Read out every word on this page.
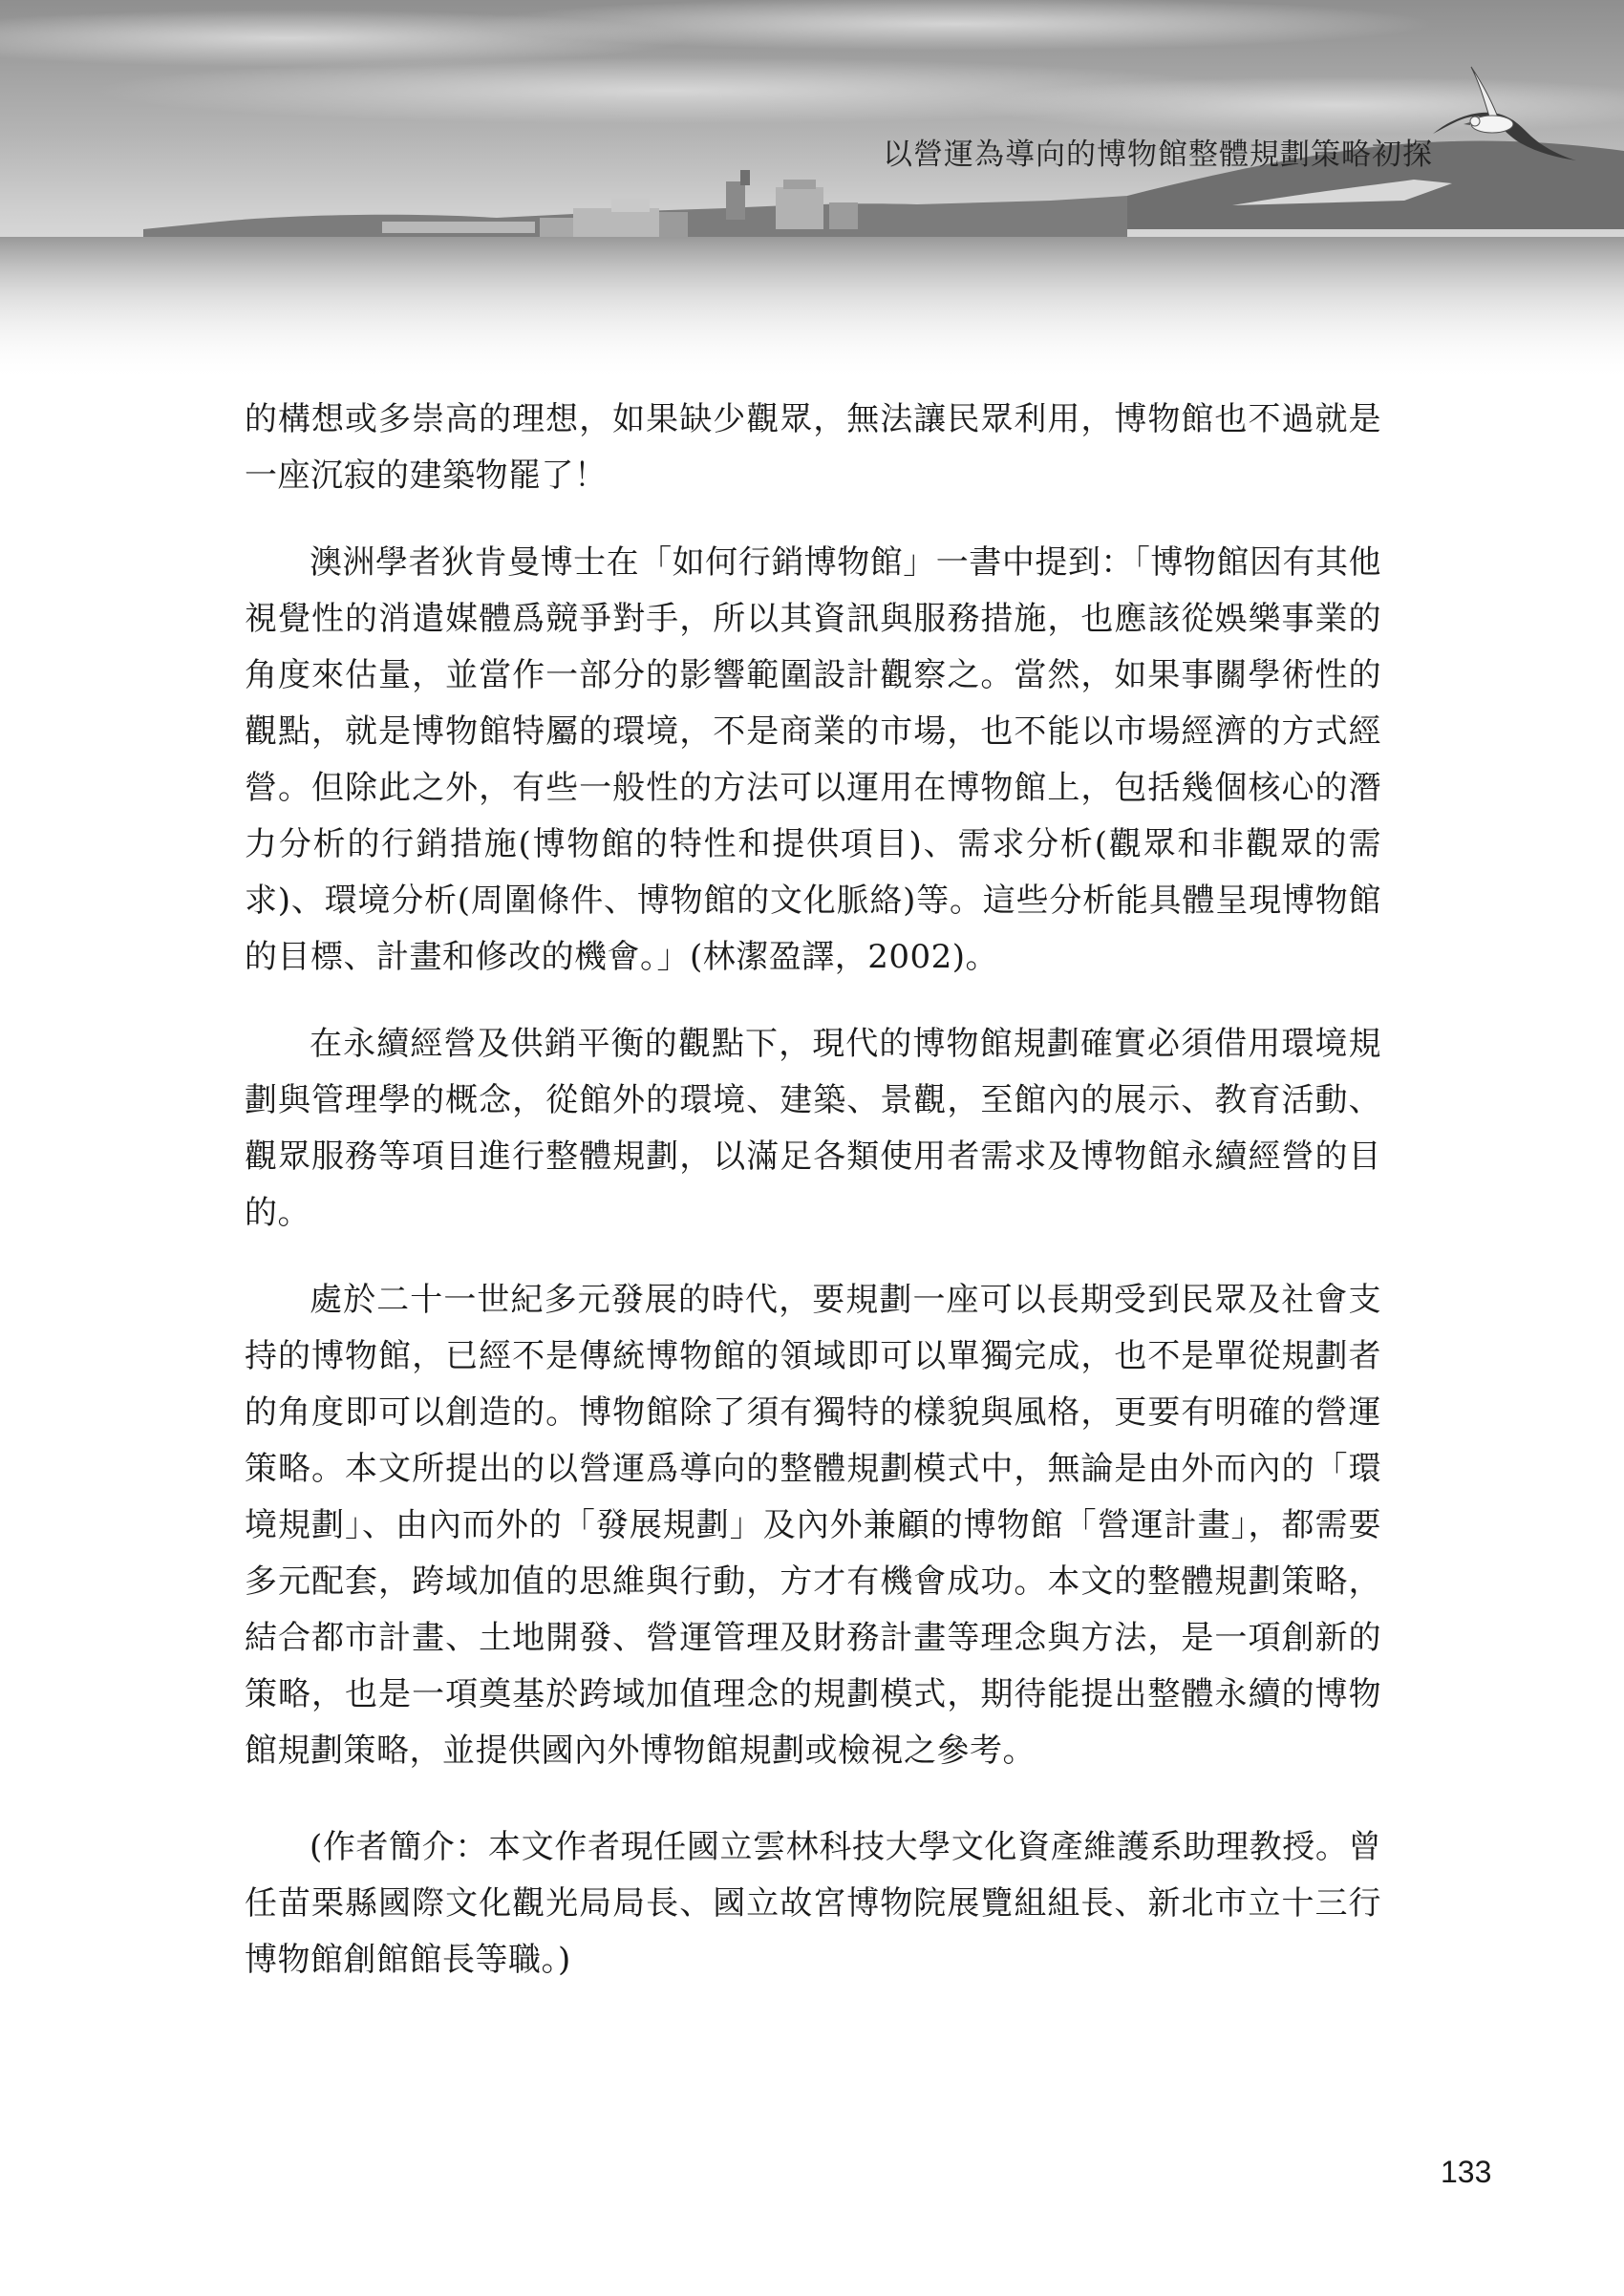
以營運為導向的博物館整體規劃策略初探

的構想或多崇高的理想，如果缺少觀眾，無法讓民眾利用，博物館也不過就是一座沉寂的建築物罷了！

澳洲學者狄肯曼博士在「如何行銷博物館」一書中提到：「博物館因有其他視覺性的消遣媒體爲競爭對手，所以其資訊與服務措施，也應該從娛樂事業的角度來估量，並當作一部分的影響範圍設計觀察之。當然，如果事關學術性的觀點，就是博物館特屬的環境，不是商業的市場，也不能以市場經濟的方式經營。但除此之外，有些一般性的方法可以運用在博物館上，包括幾個核心的潛力分析的行銷措施(博物館的特性和提供項目)、需求分析(觀眾和非觀眾的需求)、環境分析(周圍條件、博物館的文化脈絡)等。這些分析能具體呈現博物館的目標、計畫和修改的機會。」(林潔盈譯，2002)。

在永續經營及供銷平衡的觀點下，現代的博物館規劃確實必須借用環境規劃與管理學的概念，從館外的環境、建築、景觀，至館內的展示、教育活動、觀眾服務等項目進行整體規劃，以滿足各類使用者需求及博物館永續經營的目的。

處於二十一世紀多元發展的時代，要規劃一座可以長期受到民眾及社會支持的博物館，已經不是傳統博物館的領域即可以單獨完成，也不是單從規劃者的角度即可以創造的。博物館除了須有獨特的樣貌與風格，更要有明確的營運策略。本文所提出的以營運爲導向的整體規劃模式中，無論是由外而內的「環境規劃」、由內而外的「發展規劃」及內外兼顧的博物館「營運計畫」，都需要多元配套，跨域加值的思維與行動，方才有機會成功。本文的整體規劃策略，結合都市計畫、土地開發、營運管理及財務計畫等理念與方法，是一項創新的策略，也是一項奠基於跨域加值理念的規劃模式，期待能提出整體永續的博物館規劃策略，並提供國內外博物館規劃或檢視之參考。

(作者簡介：本文作者現任國立雲林科技大學文化資產維護系助理教授。曾任苗栗縣國際文化觀光局局長、國立故宮博物院展覽組組長、新北市立十三行博物館創館館長等職。)

133
